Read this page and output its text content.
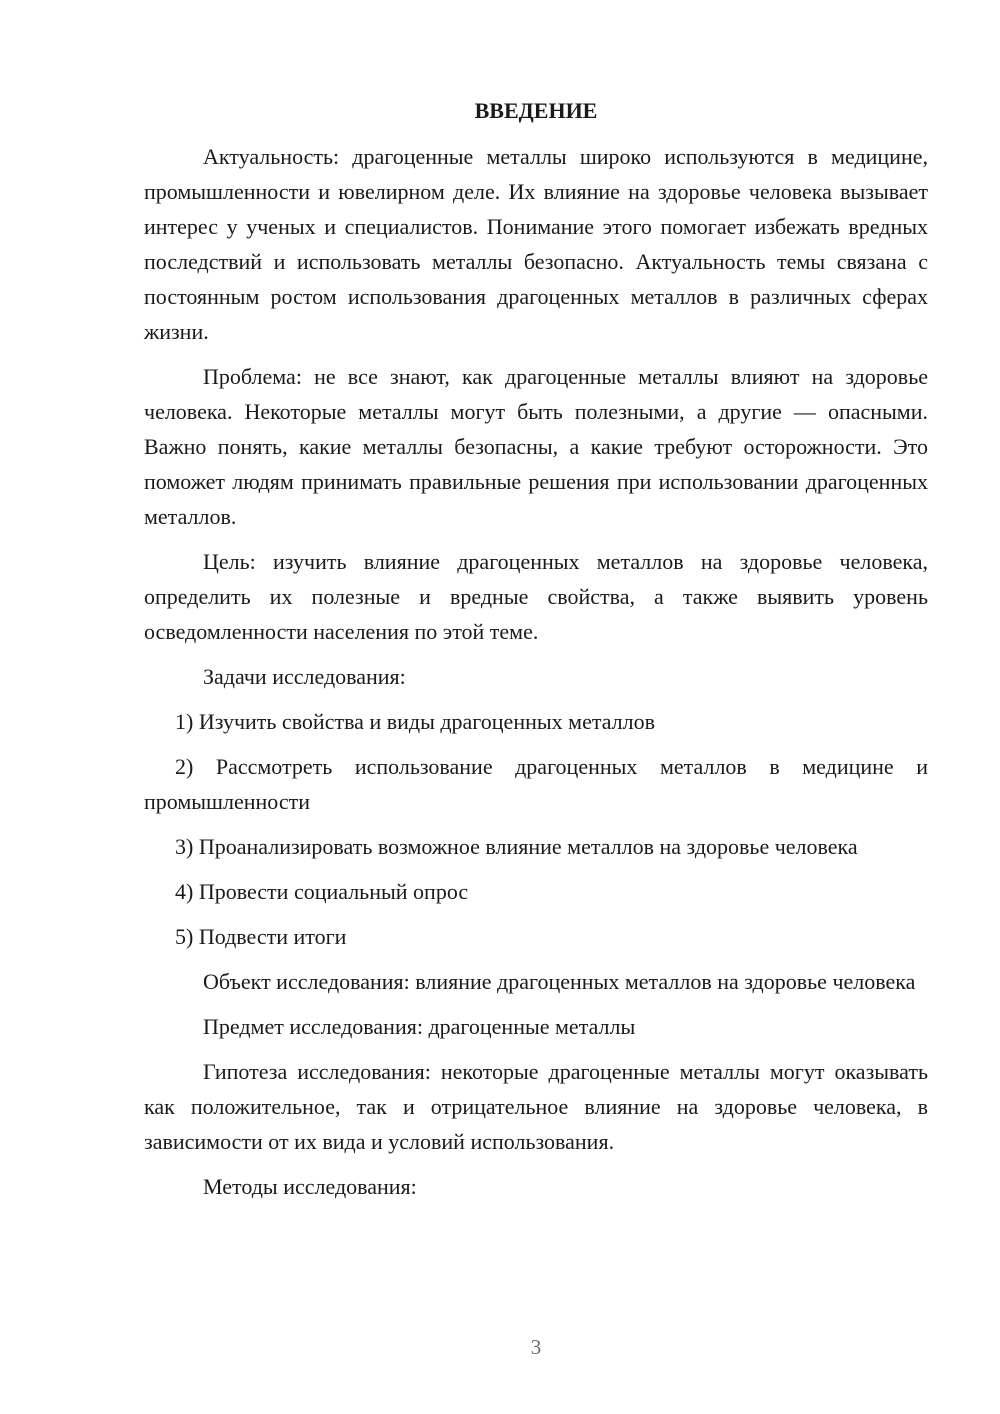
ВВЕДЕНИЕ
Актуальность: драгоценные металлы широко используются в медицине, промышленности и ювелирном деле. Их влияние на здоровье человека вызывает интерес у ученых и специалистов. Понимание этого помогает избежать вредных последствий и использовать металлы безопасно. Актуальность темы связана с постоянным ростом использования драгоценных металлов в различных сферах жизни.
Проблема: не все знают, как драгоценные металлы влияют на здоровье человека. Некоторые металлы могут быть полезными, а другие — опасными. Важно понять, какие металлы безопасны, а какие требуют осторожности. Это поможет людям принимать правильные решения при использовании драгоценных металлов.
Цель: изучить влияние драгоценных металлов на здоровье человека, определить их полезные и вредные свойства, а также выявить уровень осведомленности населения по этой теме.
Задачи исследования:
1) Изучить свойства и виды драгоценных металлов
2) Рассмотреть использование драгоценных металлов в медицине и промышленности
3) Проанализировать возможное влияние металлов на здоровье человека
4) Провести социальный опрос
5) Подвести итоги
Объект исследования: влияние драгоценных металлов на здоровье человека
Предмет исследования: драгоценные металлы
Гипотеза исследования: некоторые драгоценные металлы могут оказывать как положительное, так и отрицательное влияние на здоровье человека, в зависимости от их вида и условий использования.
Методы исследования:
3
